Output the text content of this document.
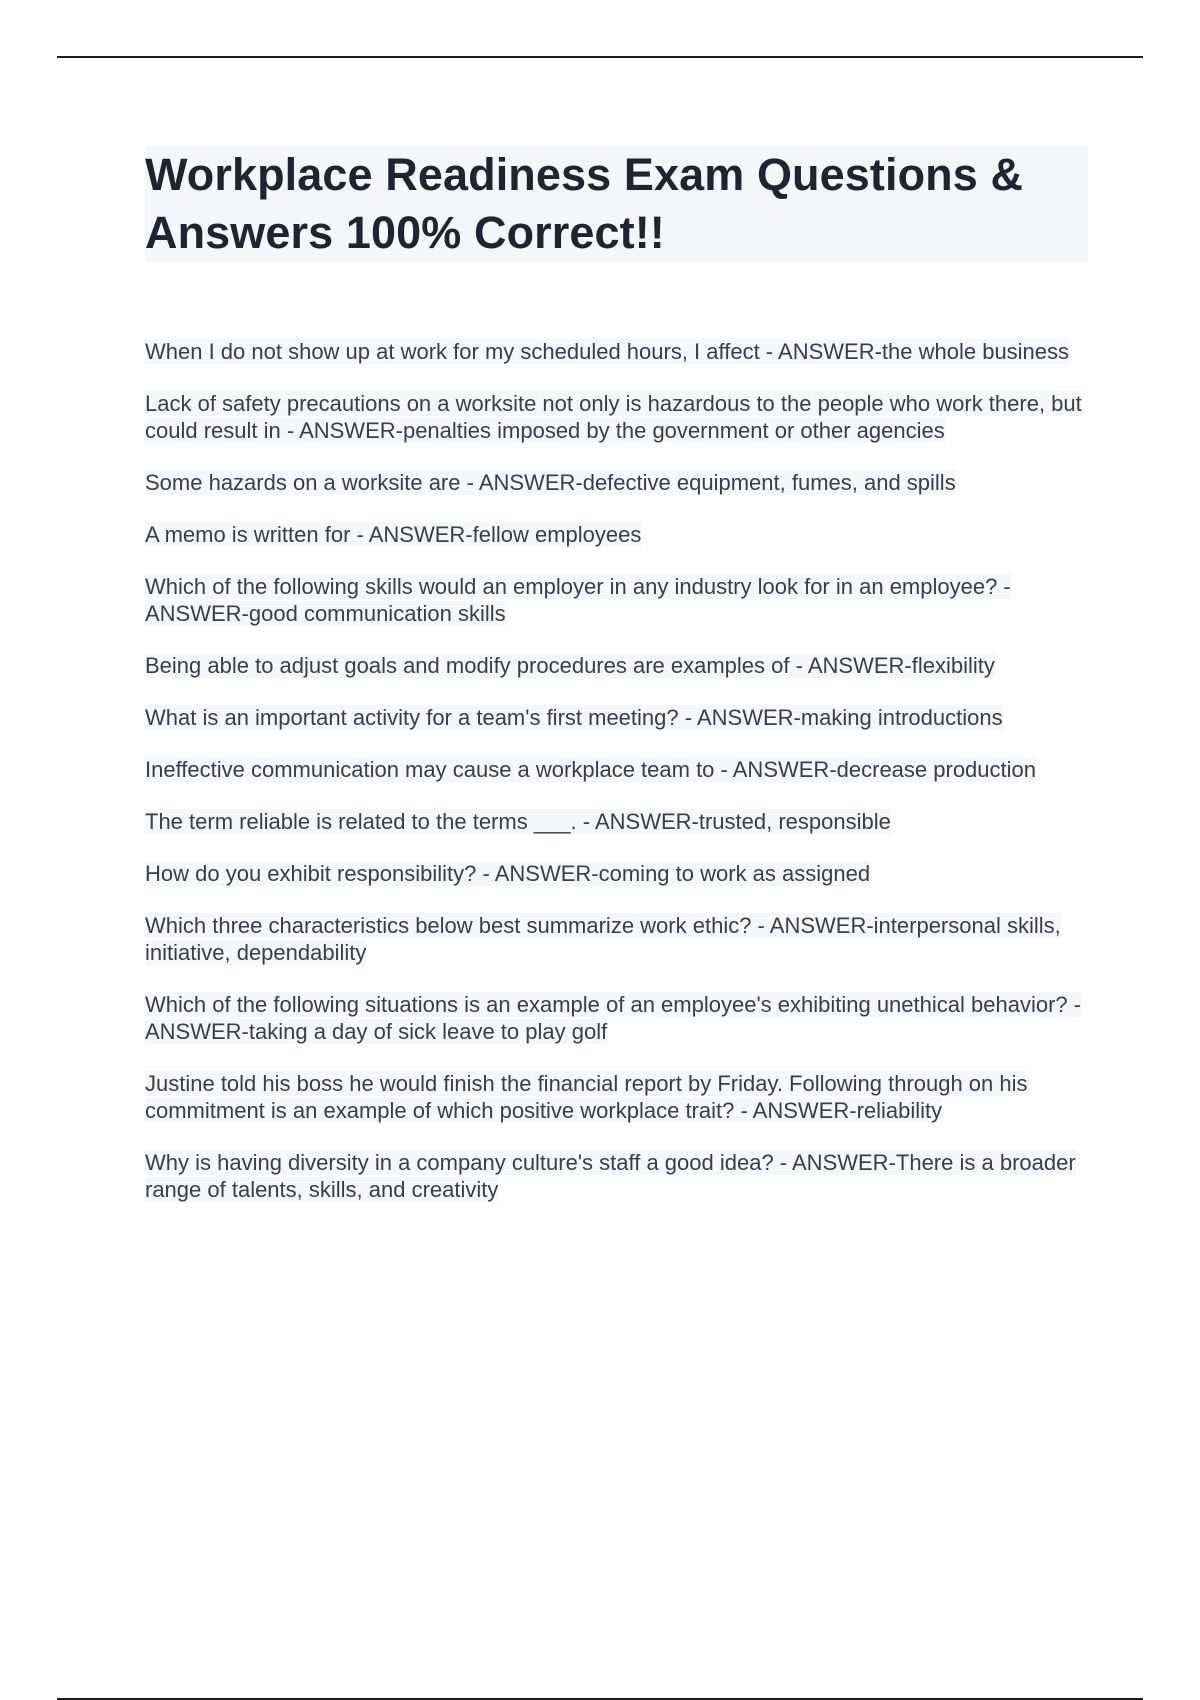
Workplace Readiness Exam Questions & Answers 100% Correct!!

When I do not show up at work for my scheduled hours, I affect - ANSWER-the whole business

Lack of safety precautions on a worksite not only is hazardous to the people who work there, but could result in - ANSWER-penalties imposed by the government or other agencies

Some hazards on a worksite are - ANSWER-defective equipment, fumes, and spills

A memo is written for - ANSWER-fellow employees

Which of the following skills would an employer in any industry look for in an employee? - ANSWER-good communication skills

Being able to adjust goals and modify procedures are examples of - ANSWER-flexibility

What is an important activity for a team's first meeting? - ANSWER-making introductions

Ineffective communication may cause a workplace team to - ANSWER-decrease production

The term reliable is related to the terms ___. - ANSWER-trusted, responsible

How do you exhibit responsibility? - ANSWER-coming to work as assigned

Which three characteristics below best summarize work ethic? - ANSWER-interpersonal skills, initiative, dependability

Which of the following situations is an example of an employee's exhibiting unethical behavior? - ANSWER-taking a day of sick leave to play golf

Justine told his boss he would finish the financial report by Friday. Following through on his commitment is an example of which positive workplace trait? - ANSWER-reliability

Why is having diversity in a company culture's staff a good idea? - ANSWER-There is a broader range of talents, skills, and creativity
